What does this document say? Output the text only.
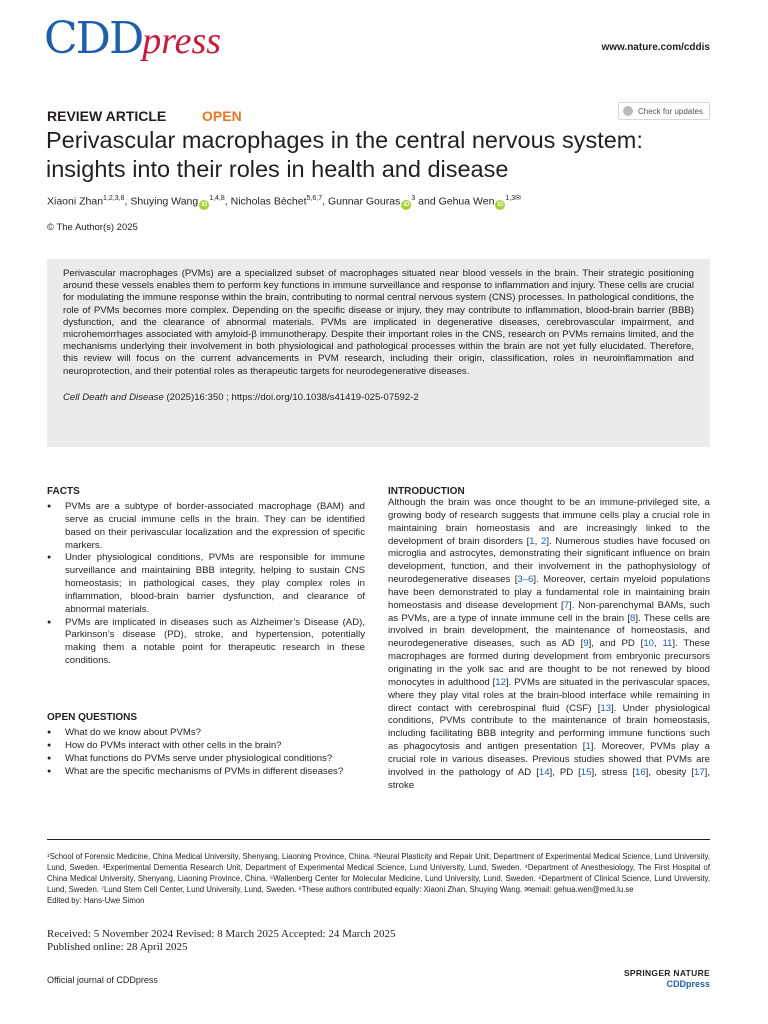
CDDpress	www.nature.com/cddis
REVIEW ARTICLE	OPEN	Check for updates
Perivascular macrophages in the central nervous system:
insights into their roles in health and disease
Xiaoni Zhan$^{1,2,3,8}$, Shuying Wang iD$^{1,4,8}$, Nicholas Bèchet$^{5,6,7}$, Gunnar Gouras $iD^3$ and Gehua Wen $iD^{1,3✉}$
© The Author(s) 2025
Perivascular macrophages (PVMs) are a specialized subset of macrophages situated near blood vessels in the brain. Their strategic positioning around these vessels enables them to perform key functions in immune surveillance and response to inflammation and injury. These cells are crucial for modulating the immune response within the brain, contributing to normal central nervous system (CNS) processes. In pathological conditions, the role of PVMs becomes more complex. Depending on the specific disease or injury, they may contribute to inflammation, blood-brain barrier (BBB) dysfunction, and the clearance of abnormal materials. PVMs are implicated in degenerative diseases, cerebrovascular impairment, and microhemorrhages associated with amyloid-β immunotherapy. Despite their important roles in the CNS, research on PVMs remains limited, and the mechanisms underlying their involvement in both physiological and pathological processes within the brain are not yet fully elucidated. Therefore, this review will focus on the current advancements in PVM research, including their origin, classification, roles in neuroinflammation and neuroprotection, and their potential roles as therapeutic targets for neurodegenerative diseases.
Cell Death and Disease (2025)16:350 ; https://doi.org/10.1038/s41419-025-07592-2
FACTS
● PVMs are a subtype of border-associated macrophage (BAM) and serve as crucial immune cells in the brain. They can be identified based on their perivascular localization and the expression of specific markers.
● Under physiological conditions, PVMs are responsible for immune surveillance and maintaining BBB integrity, helping to sustain CNS homeostasis; in pathological cases, they play complex roles in inflammation, blood-brain barrier dysfunction, and clearance of abnormal materials.
● PVMs are implicated in diseases such as Alzheimer’s Disease (AD), Parkinson’s disease (PD), stroke, and hypertension, potentially making them a notable point for therapeutic research in these conditions.
OPEN QUESTIONS
● What do we know about PVMs?
● How do PVMs interact with other cells in the brain?
● What functions do PVMs serve under physiological conditions?
● What are the specific mechanisms of PVMs in different diseases?
INTRODUCTION
Although the brain was once thought to be an immune-privileged site, a growing body of research suggests that immune cells play a crucial role in maintaining brain homeostasis and are increasingly linked to the development of brain disorders [1, 2]. Numerous studies have focused on microglia and astrocytes, demonstrating their significant influence on brain development, function, and their involvement in the pathophysiology of neurodegenerative diseases [3–6]. Moreover, certain myeloid populations have been demonstrated to play a fundamental role in maintaining brain homeostasis and disease development [7]. Non-parenchymal BAMs, such as PVMs, are a type of innate immune cell in the brain [8]. These cells are involved in brain development, the maintenance of homeostasis, and neurodegenerative diseases, such as AD [9], and PD [10, 11]. These macrophages are formed during development from embryonic precursors originating in the yolk sac and are thought to be not renewed by blood monocytes in adulthood [12]. PVMs are situated in the perivascular spaces, where they play vital roles at the brain-blood interface while remaining in direct contact with cerebrospinal fluid (CSF) [13]. Under physiological conditions, PVMs contribute to the maintenance of brain homeostasis, including facilitating BBB integrity and performing immune functions such as phagocytosis and antigen presentation [1]. Moreover, PVMs play a crucial role in various diseases. Previous studies showed that PVMs are involved in the pathology of AD [14], PD [15], stress [16], obesity [17], stroke
¹School of Forensic Medicine, China Medical University, Shenyang, Liaoning Province, China. ²Neural Plasticity and Repair Unit, Department of Experimental Medical Science, Lund University, Lund, Sweden. ³Experimental Dementia Research Unit, Department of Experimental Medical Science, Lund University, Lund, Sweden. ⁴Department of Anesthesiology, The First Hospital of China Medical University, Shenyang, Liaoning Province, China. ⁵Wallenberg Center for Molecular Medicine, Lund University, Lund, Sweden. ⁶Department of Clinical Science, Lund University, Lund, Sweden. ⁷Lund Stem Cell Center, Lund University, Lund, Sweden. ⁸These authors contributed equally: Xiaoni Zhan, Shuying Wang. ✉email: gehua.wen@med.lu.se
Edited by: Hans-Uwe Simon
Received: 5 November 2024 Revised: 8 March 2025 Accepted: 24 March 2025
Published online: 28 April 2025
Official journal of CDDpress
SPRINGER NATURE
CDDpress
